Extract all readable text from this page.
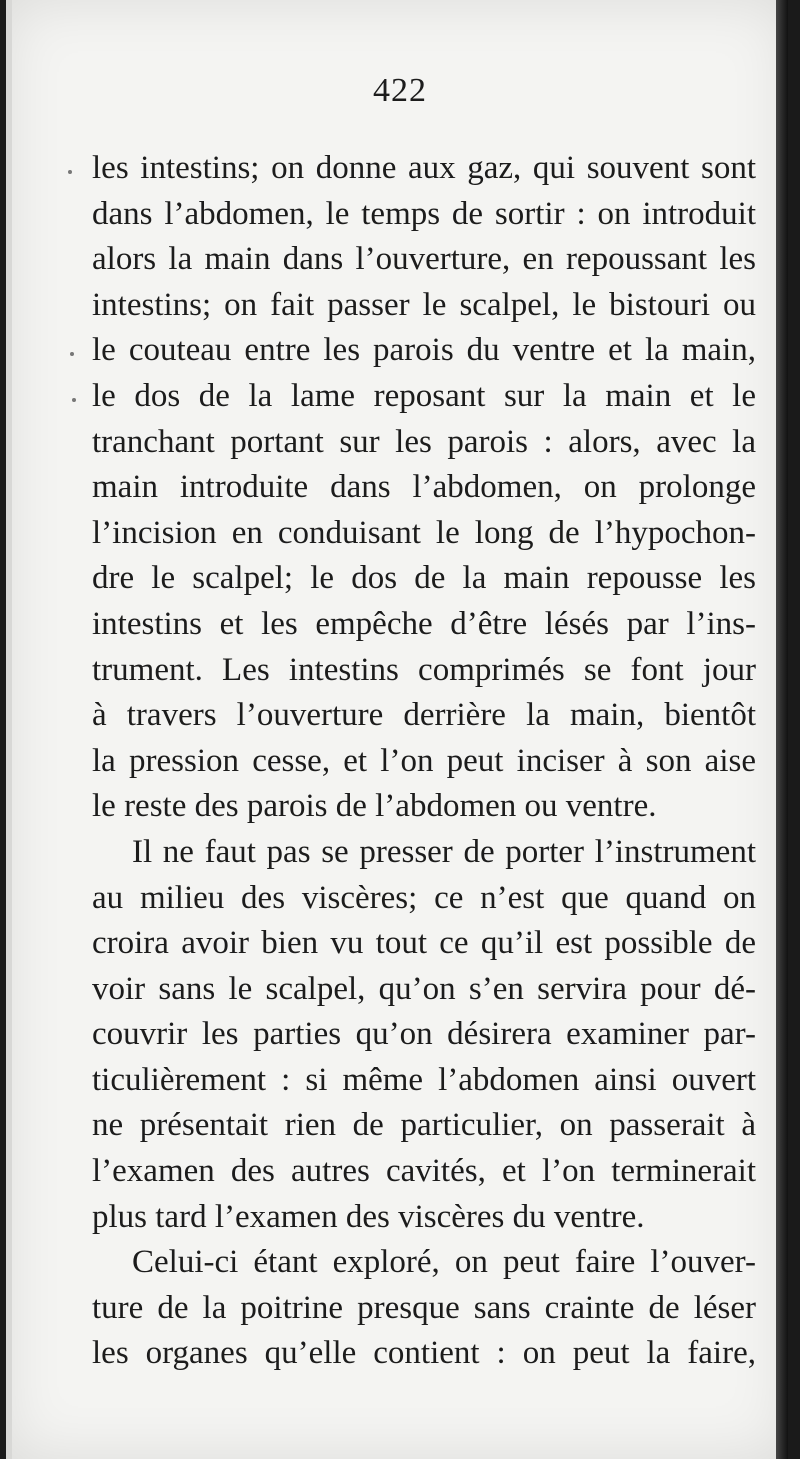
422
les intestins; on donne aux gaz, qui souvent sont
dans l’abdomen, le temps de sortir : on introduit
alors la main dans l’ouverture, en repoussant les
intestins; on fait passer le scalpel, le bistouri ou
le couteau entre les parois du ventre et la main,
le dos de la lame reposant sur la main et le
tranchant portant sur les parois : alors, avec la
main introduite dans l’abdomen, on prolonge
l’incision en conduisant le long de l’hypochon-
dre le scalpel; le dos de la main repousse les
intestins et les empêche d’être lésés par l’ins-
trument. Les intestins comprimés se font jour
à travers l’ouverture derrière la main, bientôt
la pression cesse, et l’on peut inciser à son aise
le reste des parois de l’abdomen ou ventre.
Il ne faut pas se presser de porter l’instrument
au milieu des viscères; ce n’est que quand on
croira avoir bien vu tout ce qu’il est possible de
voir sans le scalpel, qu’on s’en servira pour dé-
couvrir les parties qu’on désirera examiner par-
ticulièrement : si même l’abdomen ainsi ouvert
ne présentait rien de particulier, on passerait à
l’examen des autres cavités, et l’on terminerait
plus tard l’examen des viscères du ventre.
Celui-ci étant exploré, on peut faire l’ouver-
ture de la poitrine presque sans crainte de léser
les organes qu’elle contient : on peut la faire,
